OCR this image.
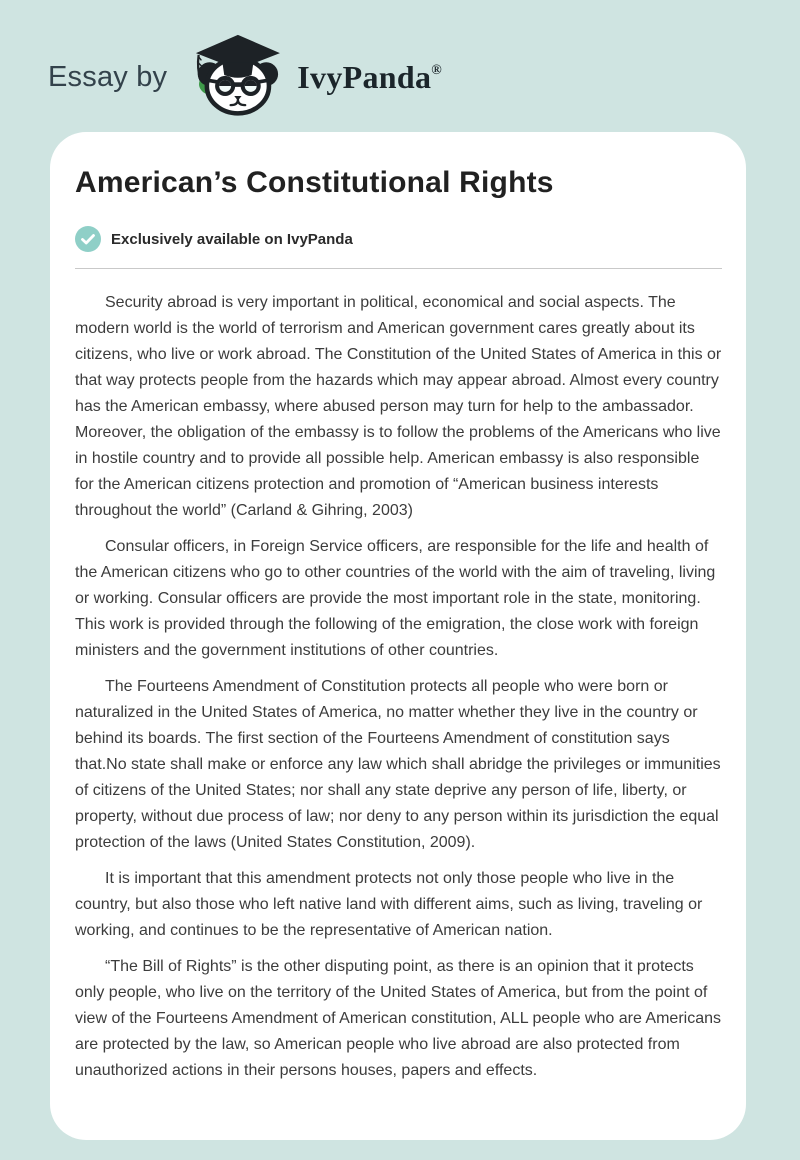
Essay by	IvyPanda®
American’s Constitutional Rights
Exclusively available on IvyPanda

Security abroad is very important in political, economical and social aspects. The modern world is the world of terrorism and American government cares greatly about its citizens, who live or work abroad. The Constitution of the United States of America in this or that way protects people from the hazards which may appear abroad. Almost every country has the American embassy, where abused person may turn for help to the ambassador. Moreover, the obligation of the embassy is to follow the problems of the Americans who live in hostile country and to provide all possible help. American embassy is also responsible for the American citizens protection and promotion of “American business interests throughout the world” (Carland & Gihring, 2003)

Consular officers, in Foreign Service officers, are responsible for the life and health of the American citizens who go to other countries of the world with the aim of traveling, living or working. Consular officers are provide the most important role in the state, monitoring. This work is provided through the following of the emigration, the close work with foreign ministers and the government institutions of other countries.

The Fourteens Amendment of Constitution protects all people who were born or naturalized in the United States of America, no matter whether they live in the country or behind its boards. The first section of the Fourteens Amendment of constitution says that.No state shall make or enforce any law which shall abridge the privileges or immunities of citizens of the United States; nor shall any state deprive any person of life, liberty, or property, without due process of law; nor deny to any person within its jurisdiction the equal protection of the laws (United States Constitution, 2009).

It is important that this amendment protects not only those people who live in the country, but also those who left native land with different aims, such as living, traveling or working, and continues to be the representative of American nation.

“The Bill of Rights” is the other disputing point, as there is an opinion that it protects only people, who live on the territory of the United States of America, but from the point of view of the Fourteens Amendment of American constitution, ALL people who are Americans are protected by the law, so American people who live abroad are also protected from unauthorized actions in their persons houses, papers and effects.
